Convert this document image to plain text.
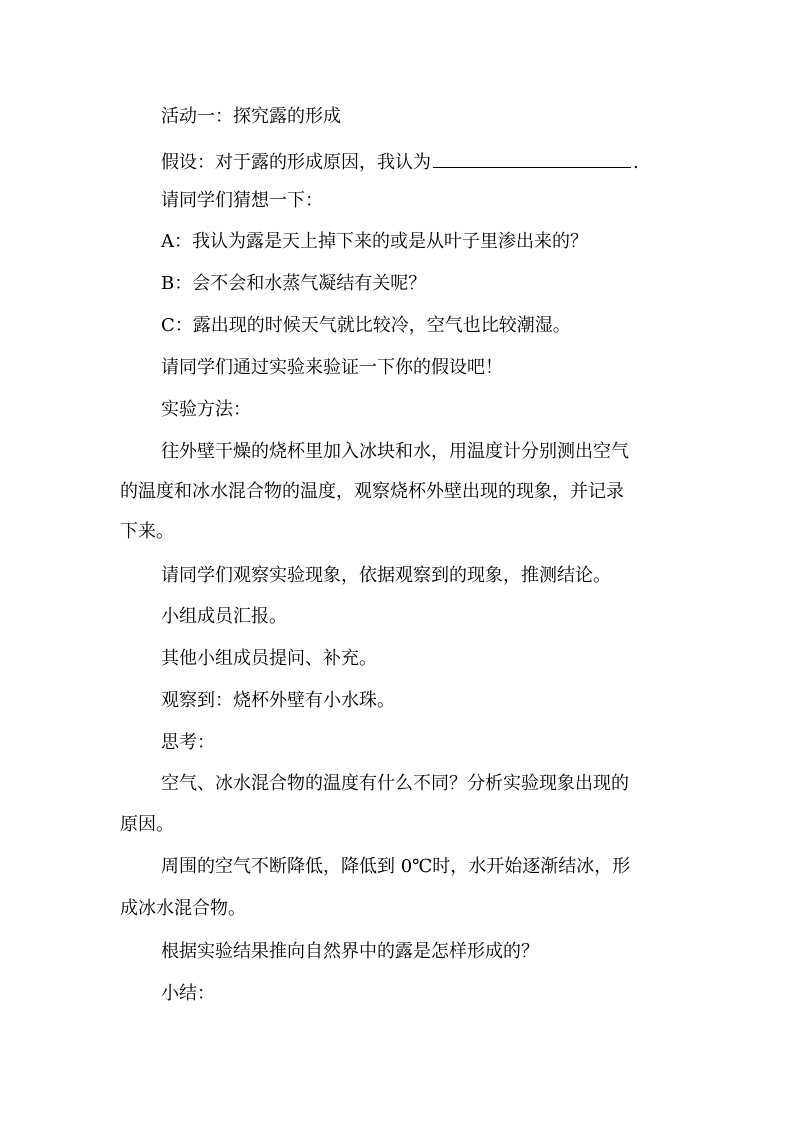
活动一：探究露的形成
假设：对于露的形成原因，我认为	.
请同学们猜想一下：
A：我认为露是天上掉下来的或是从叶子里渗出来的？
B：会不会和水蒸气凝结有关呢？
C：露出现的时候天气就比较冷，空气也比较潮湿。
请同学们通过实验来验证一下你的假设吧！
实验方法：
往外壁干燥的烧杯里加入冰块和水，用温度计分别测出空气
的温度和冰水混合物的温度，观察烧杯外壁出现的现象，并记录
下来。
请同学们观察实验现象，依据观察到的现象，推测结论。
小组成员汇报。
其他小组成员提问、补充。
观察到：烧杯外壁有小水珠。
思考：
空气、冰水混合物的温度有什么不同？分析实验现象出现的
原因。
周围的空气不断降低，降低到 0℃时，水开始逐渐结冰，形
成冰水混合物。
根据实验结果推向自然界中的露是怎样形成的？
小结：
